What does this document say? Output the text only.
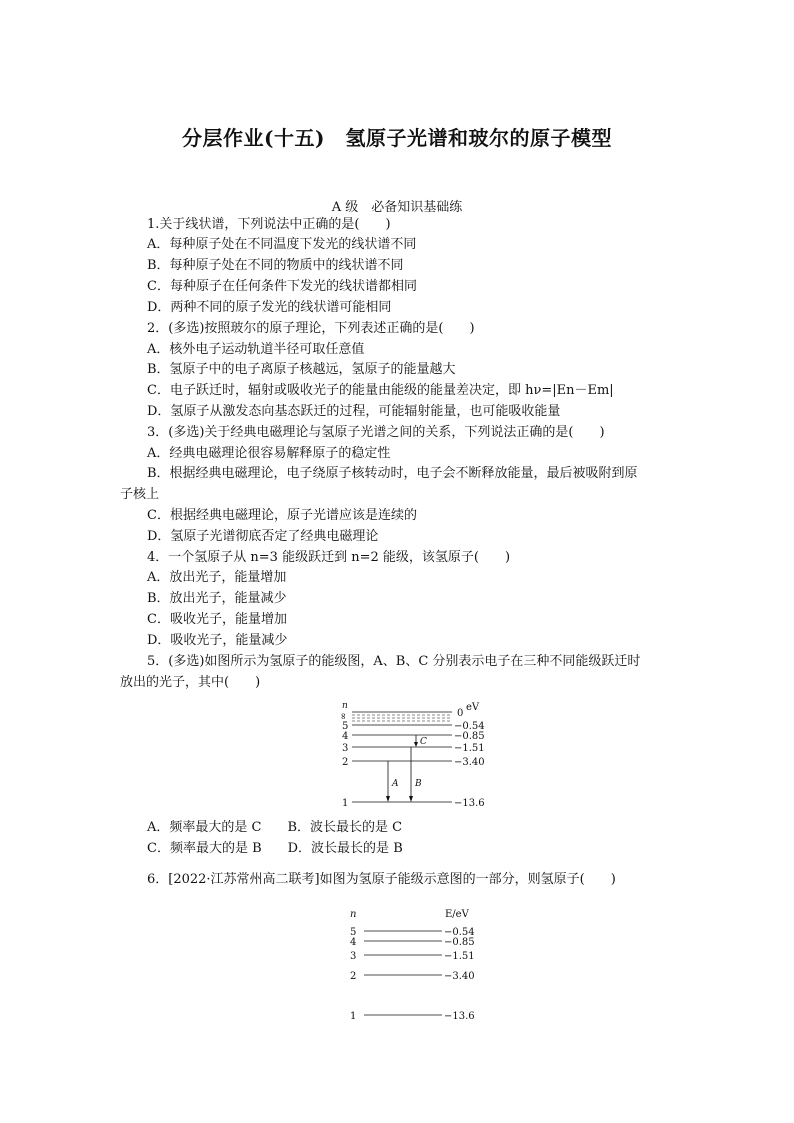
分层作业(十五)　氢原子光谱和玻尔的原子模型
A 级　必备知识基础练
1.关于线状谱，下列说法中正确的是(　　)
A．每种原子处在不同温度下发光的线状谱不同
B．每种原子处在不同的物质中的线状谱不同
C．每种原子在任何条件下发光的线状谱都相同
D．两种不同的原子发光的线状谱可能相同
2．(多选)按照玻尔的原子理论，下列表述正确的是(　　)
A．核外电子运动轨道半径可取任意值
B．氢原子中的电子离原子核越远，氢原子的能量越大
C．电子跃迁时，辐射或吸收光子的能量由能级的能量差决定，即 hν=|En－Em|
D．氢原子从激发态向基态跃迁的过程，可能辐射能量，也可能吸收能量
3．(多选)关于经典电磁理论与氢原子光谱之间的关系，下列说法正确的是(　　)
A．经典电磁理论很容易解释原子的稳定性
B．根据经典电磁理论，电子绕原子核转动时，电子会不断释放能量，最后被吸附到原
子核上
C．根据经典电磁理论，原子光谱应该是连续的
D．氢原子光谱彻底否定了经典电磁理论
4．一个氢原子从 n=3 能级跃迁到 n=2 能级，该氢原子(　　)
A．放出光子，能量增加
B．放出光子，能量减少
C．吸收光子，能量增加
D．吸收光子，能量减少
5．(多选)如图所示为氢原子的能级图，A、B、C 分别表示电子在三种不同能级跃迁时
放出的光子，其中(　　)
n	eV
∞	0
5	−0.54
4	−0.85
3	−1.51
2	−3.40
1	−13.6
C
A B
A．频率最大的是 C　　B．波长最长的是 C
C．频率最大的是 B　　D．波长最长的是 B
6．[2022·江苏常州高二联考]如图为氢原子能级示意图的一部分，则氢原子(　　)
n	E/eV
5	−0.54
4	−0.85
3	−1.51
2	−3.40
1	−13.6
